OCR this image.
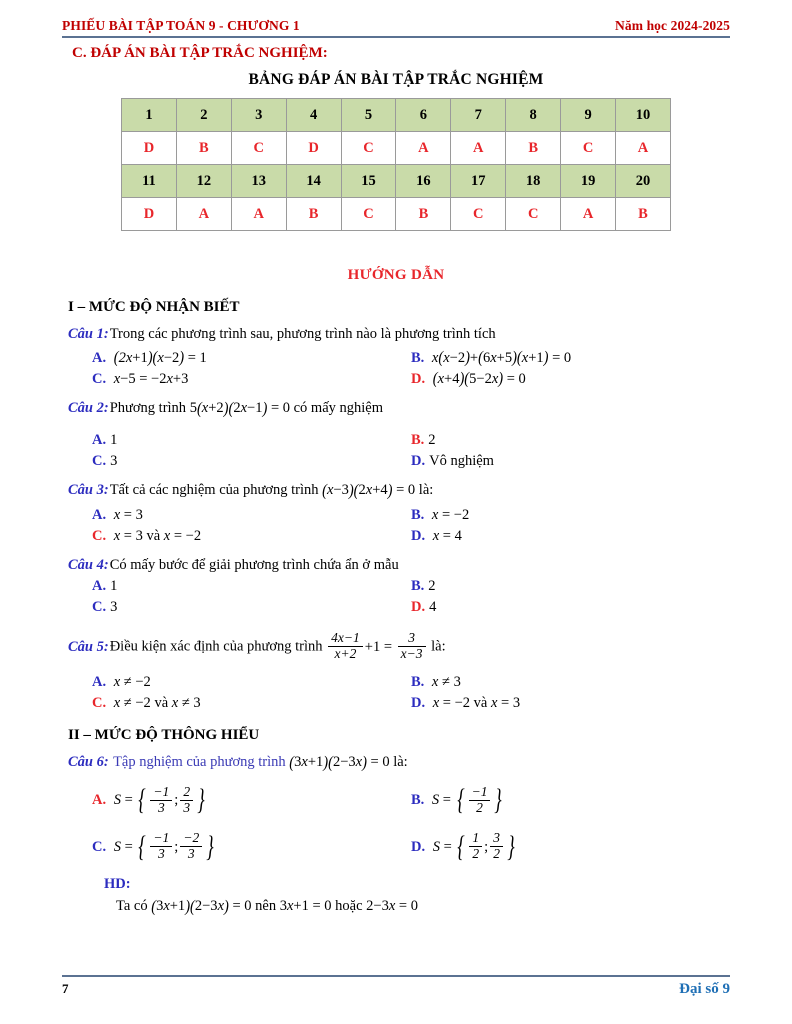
PHIẾU BÀI TẬP TOÁN 9 - CHƯƠNG 1	Năm học 2024-2025
C. ĐÁP ÁN BÀI TẬP TRẮC NGHIỆM:
BẢNG ĐÁP ÁN BÀI TẬP TRẮC NGHIỆM
1	2	3	4	5	6	7	8	9	10
D	B	C	D	C	A	A	B	C	A
11	12	13	14	15	16	17	18	19	20
D	A	A	B	C	B	C	C	A	B
HƯỚNG DẪN
I – MỨC ĐỘ NHẬN BIẾT
Câu 1:Trong các phương trình sau, phương trình nào là phương trình tích
A. (2x+1)(x−2) = 1	B. x(x−2)+(6x+5)(x+1) = 0
C. x−5 = −2x+3	D. (x+4)(5−2x) = 0
Câu 2:Phương trình 5(x+2)(2x−1) = 0 có mấy nghiệm
A. 1	B. 2
C. 3	D. Vô nghiệm
Câu 3:Tất cả các nghiệm của phương trình (x−3)(2x+4) = 0 là:
A. x = 3	B. x = −2
C. x = 3 và x = −2	D. x = 4
Câu 4:Có mấy bước để giải phương trình chứa ẩn ở mẫu
A. 1	B. 2
C. 3	D. 4
Câu 5:Điều kiện xác định của phương trình $\frac{4x-1}{x+2} +1 = \frac{3}{x-3}$ là:
A. x ≠ −2	B. x ≠ 3
C. x ≠ −2 và x ≠ 3	D. x = −2 và x = 3
II – MỨC ĐỘ THÔNG HIỂU
Câu 6: Tập nghiệm của phương trình (3x+1)(2−3x) = 0 là:
A. S = { $\frac{-1}{3}$ ; $\frac{2}{3}$ }	B. S = { $\frac{-1}{2}$ }
C. S = { $\frac{-1}{3}$ ; $\frac{-2}{3}$ }	D. S = { $\frac{1}{2}$ ; $\frac{3}{2}$ }
HD:
Ta có (3x+1)(2−3x) = 0 nên 3x+1 = 0 hoặc 2−3x = 0
7	Đại số 9
